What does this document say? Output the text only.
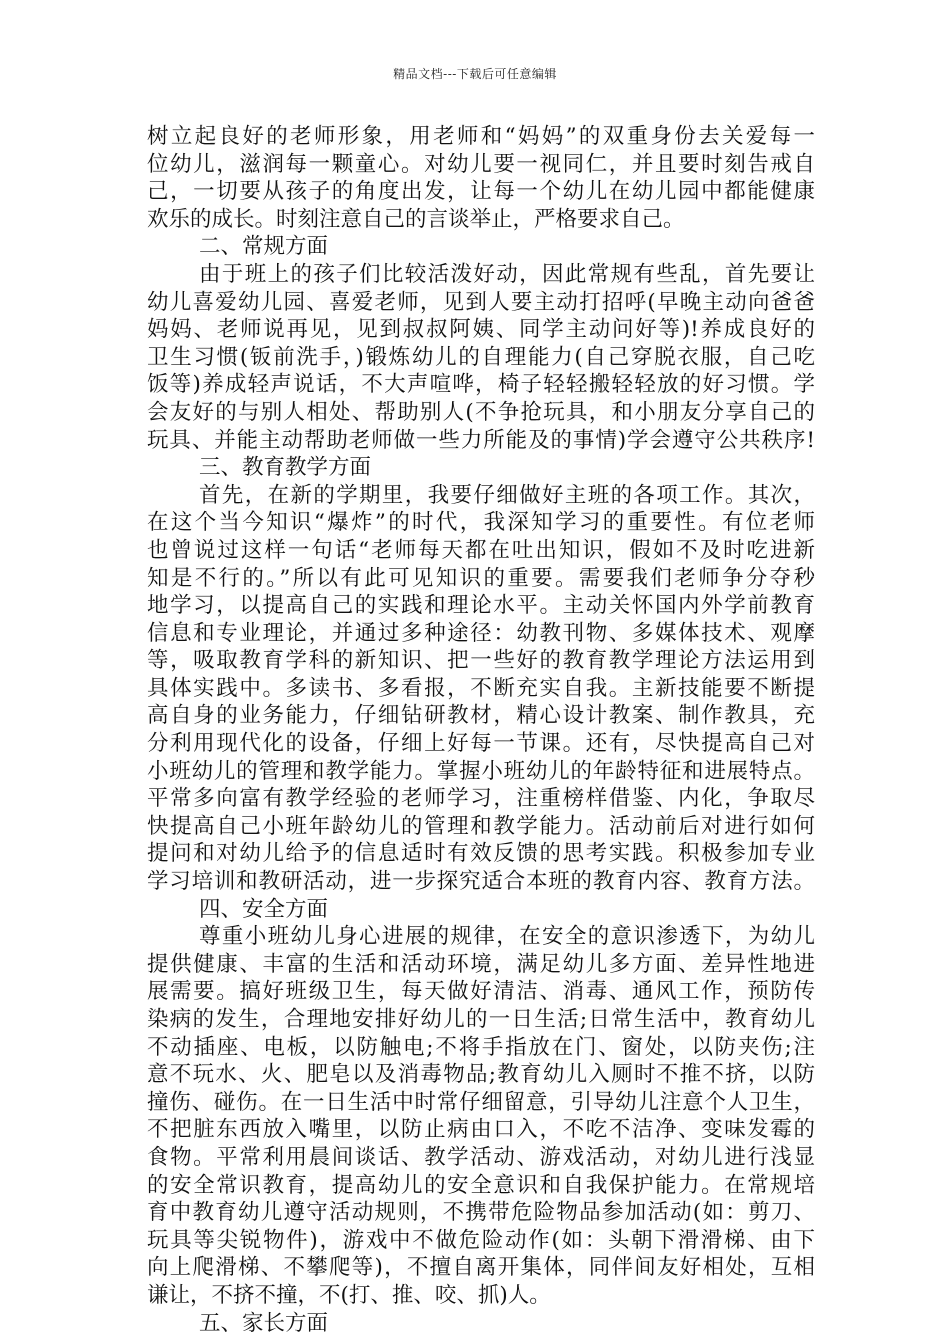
精品文档---下载后可任意编辑
树立起良好的老师形象，用老师和“妈妈”的双重身份去关爱每一
位幼儿，滋润每一颗童心。对幼儿要一视同仁，并且要时刻告戒自
己，一切要从孩子的角度出发，让每一个幼儿在幼儿园中都能健康
欢乐的成长。时刻注意自己的言谈举止，严格要求自己。
二、常规方面
由于班上的孩子们比较活泼好动，因此常规有些乱，首先要让
幼儿喜爱幼儿园、喜爱老师，见到人要主动打招呼(早晚主动向爸爸
妈妈、老师说再见，见到叔叔阿姨、同学主动问好等)!养成良好的
卫生习惯(钣前洗手，)锻炼幼儿的自理能力(自己穿脱衣服，自己吃
饭等)养成轻声说话，不大声喧哗，椅子轻轻搬轻轻放的好习惯。学
会友好的与别人相处、帮助别人(不争抢玩具，和小朋友分享自己的
玩具、并能主动帮助老师做一些力所能及的事情)学会遵守公共秩序!
三、教育教学方面
首先，在新的学期里，我要仔细做好主班的各项工作。其次，
在这个当今知识“爆炸”的时代，我深知学习的重要性。有位老师
也曾说过这样一句话“老师每天都在吐出知识，假如不及时吃进新
知是不行的。”所以有此可见知识的重要。需要我们老师争分夺秒
地学习，以提高自己的实践和理论水平。主动关怀国内外学前教育
信息和专业理论，并通过多种途径：幼教刊物、多媒体技术、观摩
等，吸取教育学科的新知识、把一些好的教育教学理论方法运用到
具体实践中。多读书、多看报，不断充实自我。主新技能要不断提
高自身的业务能力，仔细钻研教材，精心设计教案、制作教具，充
分利用现代化的设备，仔细上好每一节课。还有，尽快提高自己对
小班幼儿的管理和教学能力。掌握小班幼儿的年龄特征和进展特点。
平常多向富有教学经验的老师学习，注重榜样借鉴、内化，争取尽
快提高自己小班年龄幼儿的管理和教学能力。活动前后对进行如何
提问和对幼儿给予的信息适时有效反馈的思考实践。积极参加专业
学习培训和教研活动，进一步探究适合本班的教育内容、教育方法。
四、安全方面
尊重小班幼儿身心进展的规律，在安全的意识渗透下，为幼儿
提供健康、丰富的生活和活动环境，满足幼儿多方面、差异性地进
展需要。搞好班级卫生，每天做好清洁、消毒、通风工作，预防传
染病的发生，合理地安排好幼儿的一日生活;日常生活中，教育幼儿
不动插座、电板，以防触电;不将手指放在门、窗处，以防夹伤;注
意不玩水、火、肥皂以及消毒物品;教育幼儿入厕时不推不挤，以防
撞伤、碰伤。在一日生活中时常仔细留意，引导幼儿注意个人卫生，
不把脏东西放入嘴里，以防止病由口入，不吃不洁净、变味发霉的
食物。平常利用晨间谈话、教学活动、游戏活动，对幼儿进行浅显
的安全常识教育，提高幼儿的安全意识和自我保护能力。在常规培
育中教育幼儿遵守活动规则，不携带危险物品参加活动(如：剪刀、
玩具等尖锐物件)，游戏中不做危险动作(如：头朝下滑滑梯、由下
向上爬滑梯、不攀爬等)，不擅自离开集体，同伴间友好相处，互相
谦让，不挤不撞，不(打、推、咬、抓)人。
五、家长方面
